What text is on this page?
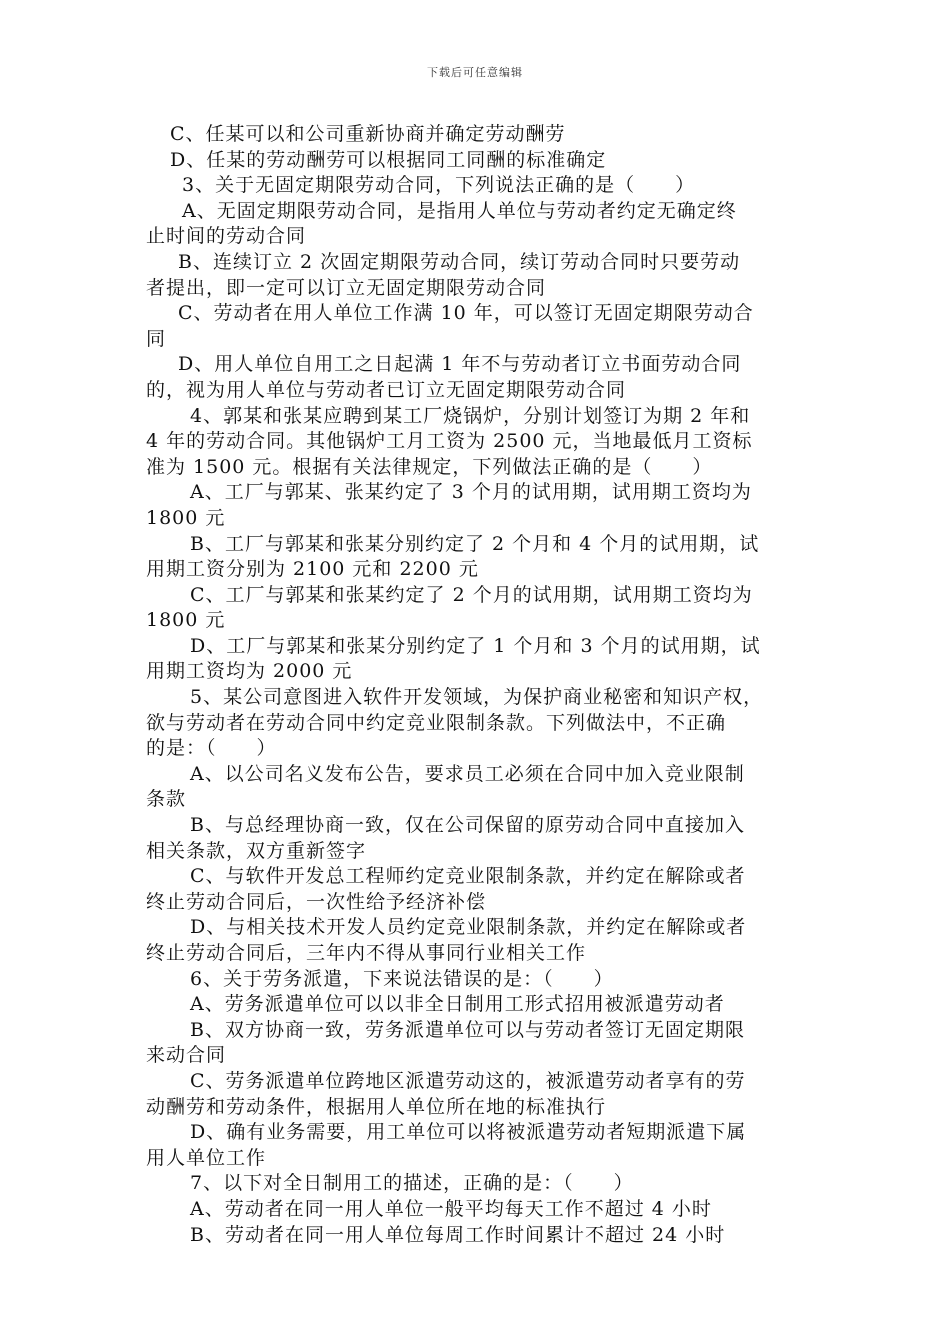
下载后可任意编辑
C、任某可以和公司重新协商并确定劳动酬劳
D、任某的劳动酬劳可以根据同工同酬的标准确定
3、关于无固定期限劳动合同，下列说法正确的是（　　）
A、无固定期限劳动合同，是指用人单位与劳动者约定无确定终
止时间的劳动合同
B、连续订立 2 次固定期限劳动合同，续订劳动合同时只要劳动
者提出，即一定可以订立无固定期限劳动合同
C、劳动者在用人单位工作满 10 年，可以签订无固定期限劳动合
同
D、用人单位自用工之日起满 1 年不与劳动者订立书面劳动合同
的，视为用人单位与劳动者已订立无固定期限劳动合同
4、郭某和张某应聘到某工厂烧锅炉，分别计划签订为期 2 年和
4 年的劳动合同。其他锅炉工月工资为 2500 元，当地最低月工资标
准为 1500 元。根据有关法律规定，下列做法正确的是（　　）
A、工厂与郭某、张某约定了 3 个月的试用期，试用期工资均为
1800 元
B、工厂与郭某和张某分别约定了 2 个月和 4 个月的试用期，试
用期工资分别为 2100 元和 2200 元
C、工厂与郭某和张某约定了 2 个月的试用期，试用期工资均为
1800 元
D、工厂与郭某和张某分别约定了 1 个月和 3 个月的试用期，试
用期工资均为 2000 元
5、某公司意图进入软件开发领域，为保护商业秘密和知识产权，
欲与劳动者在劳动合同中约定竞业限制条款。下列做法中，不正确
的是：（　　）
A、以公司名义发布公告，要求员工必须在合同中加入竞业限制
条款
B、与总经理协商一致，仅在公司保留的原劳动合同中直接加入
相关条款，双方重新签字
C、与软件开发总工程师约定竞业限制条款，并约定在解除或者
终止劳动合同后，一次性给予经济补偿
D、与相关技术开发人员约定竞业限制条款，并约定在解除或者
终止劳动合同后，三年内不得从事同行业相关工作
6、关于劳务派遣，下来说法错误的是：（　　）
A、劳务派遣单位可以以非全日制用工形式招用被派遣劳动者
B、双方协商一致，劳务派遣单位可以与劳动者签订无固定期限
来动合同
C、劳务派遣单位跨地区派遣劳动这的，被派遣劳动者享有的劳
动酬劳和劳动条件，根据用人单位所在地的标准执行
D、确有业务需要，用工单位可以将被派遣劳动者短期派遣下属
用人单位工作
7、以下对全日制用工的描述，正确的是：（　　）
A、劳动者在同一用人单位一般平均每天工作不超过 4 小时
B、劳动者在同一用人单位每周工作时间累计不超过 24 小时
